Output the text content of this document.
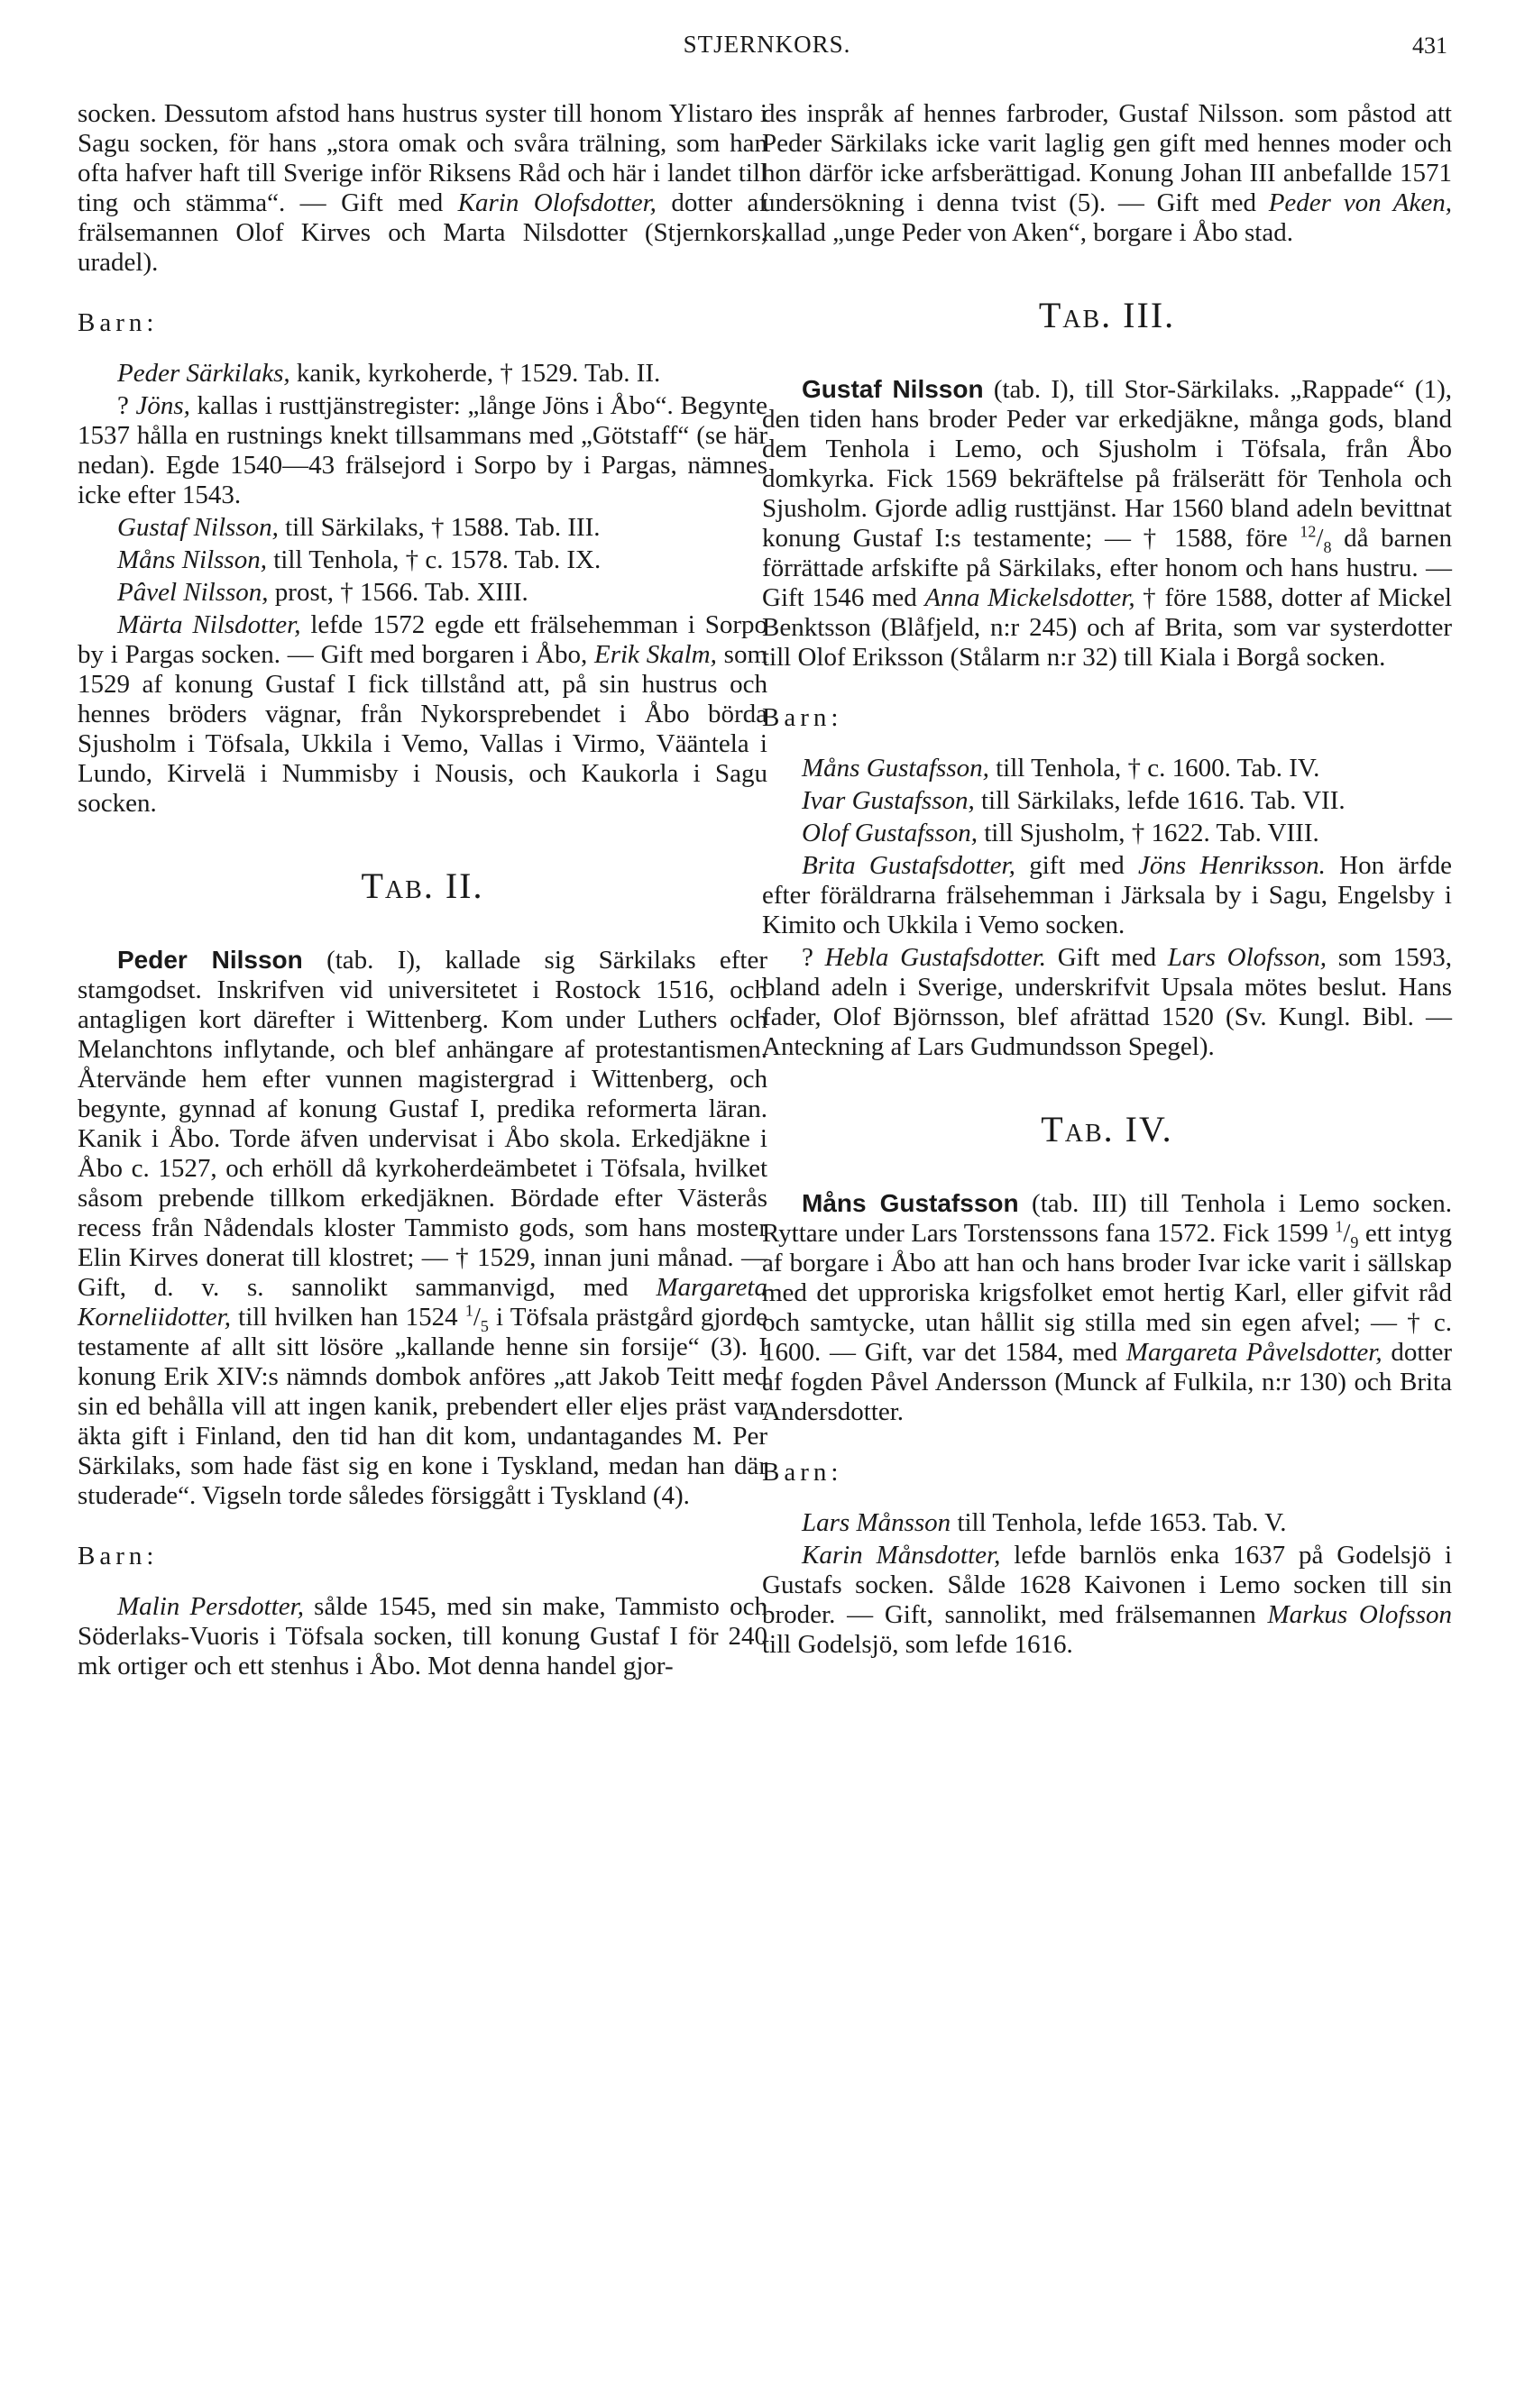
STJERNKORS.	431

socken. Dessutom afstod hans hustrus syster till honom Ylistaro i Sagu socken, för hans „stora omak och svåra trälning, som han ofta hafver haft till Sverige inför Riksens Råd och här i landet till ting och stämma“. — Gift med Karin Olofsdotter, dotter af frälsemannen Olof Kirves och Marta Nilsdotter (Stjernkors, uradel).

Barn:

Peder Särkilaks, kanik, kyrkoherde, † 1529. Tab. II.

? Jöns, kallas i rusttjänstregister: „långe Jöns i Åbo“. Begynte 1537 hålla en rustnings knekt tillsammans med „Götstaff“ (se här nedan). Egde 1540—43 frälsejord i Sorpo by i Pargas, nämnes icke efter 1543.

Gustaf Nilsson, till Särkilaks, † 1588. Tab. III.

Måns Nilsson, till Tenhola, † c. 1578. Tab. IX.

Pâvel Nilsson, prost, † 1566. Tab. XIII.

Märta Nilsdotter, lefde 1572 egde ett frälsehemman i Sorpo by i Pargas socken. — Gift med borgaren i Åbo, Erik Skalm, som 1529 af konung Gustaf I fick tillstånd att, på sin hustrus och hennes bröders vägnar, från Nykorsprebendet i Åbo börda Sjusholm i Töfsala, Ukkila i Vemo, Vallas i Virmo, Vääntela i Lundo, Kirvelä i Nummisby i Nousis, och Kaukorla i Sagu socken.

Tab. II.

Peder Nilsson (tab. I), kallade sig Särkilaks efter stamgodset. Inskrifven vid universitetet i Rostock 1516, och antagligen kort därefter i Wittenberg. Kom under Luthers och Melanchtons inflytande, och blef anhängare af protestantismen. Återvände hem efter vunnen magistergrad i Wittenberg, och begynte, gynnad af konung Gustaf I, predika reformerta läran. Kanik i Åbo. Torde äfven undervisat i Åbo skola. Erkedjäkne i Åbo c. 1527, och erhöll då kyrkoherdeämbetet i Töfsala, hvilket såsom prebende tillkom erkedjäknen. Bördade efter Västerås recess från Nådendals kloster Tammisto gods, som hans moster Elin Kirves donerat till klostret; — † 1529, innan juni månad. — Gift, d. v. s. sannolikt sammanvigd, med Margareta Korneliidotter, till hvilken han 1524 $^1/_5$ i Töfsala prästgård gjorde testamente af allt sitt lösöre „kallande henne sin forsije“ (3). I konung Erik XIV:s nämnds dombok anföres „att Jakob Teitt med sin ed behålla vill att ingen kanik, prebendert eller eljes präst var äkta gift i Finland, den tid han dit kom, undantagandes M. Per Särkilaks, som hade fäst sig en kone i Tyskland, medan han där studerade“. Vigseln torde således försiggått i Tyskland (4).

Barn:

Malin Persdotter, sålde 1545, med sin make, Tammisto och Söderlaks-Vuoris i Töfsala socken, till konung Gustaf I för 240 mk ortiger och ett stenhus i Åbo. Mot denna handel gjor-

des inspråk af hennes farbroder, Gustaf Nilsson. som påstod att Peder Särkilaks icke varit laglig gen gift med hennes moder och hon därför icke arfsberättigad. Konung Johan III anbefallde 1571 undersökning i denna tvist (5). — Gift med Peder von Aken, kallad „unge Peder von Aken“, borgare i Åbo stad.

Tab. III.

Gustaf Nilsson (tab. I), till Stor-Särkilaks. „Rappade“ (1), den tiden hans broder Peder var erkedjäkne, många gods, bland dem Tenhola i Lemo, och Sjusholm i Töfsala, från Åbo domkyrka. Fick 1569 bekräftelse på frälserätt för Tenhola och Sjusholm. Gjorde adlig rusttjänst. Har 1560 bland adeln bevittnat konung Gustaf I:s testamente; — † 1588, före $^{12}/_8$ då barnen förrättade arfskifte på Särkilaks, efter honom och hans hustru. — Gift 1546 med Anna Mickelsdotter, † före 1588, dotter af Mickel Benktsson (Blåfjeld, n:r 245) och af Brita, som var systerdotter till Olof Eriksson (Stålarm n:r 32) till Kiala i Borgå socken.

Barn:

Måns Gustafsson, till Tenhola, † c. 1600. Tab. IV.

Ivar Gustafsson, till Särkilaks, lefde 1616. Tab. VII.

Olof Gustafsson, till Sjusholm, † 1622. Tab. VIII.

Brita Gustafsdotter, gift med Jöns Henriksson. Hon ärfde efter föräldrarna frälsehemman i Järksala by i Sagu, Engelsby i Kimito och Ukkila i Vemo socken.

? Hebla Gustafsdotter. Gift med Lars Olofsson, som 1593, bland adeln i Sverige, underskrifvit Upsala mötes beslut. Hans fader, Olof Björnsson, blef afrättad 1520 (Sv. Kungl. Bibl. — Anteckning af Lars Gudmundsson Spegel).

Tab. IV.

Måns Gustafsson (tab. III) till Tenhola i Lemo socken. Ryttare under Lars Torstenssons fana 1572. Fick 1599 $^1/_9$ ett intyg af borgare i Åbo att han och hans broder Ivar icke varit i sällskap med det upproriska krigsfolket emot hertig Karl, eller gifvit råd och samtycke, utan hållit sig stilla med sin egen afvel; — † c. 1600. — Gift, var det 1584, med Margareta Påvelsdotter, dotter af fogden Påvel Andersson (Munck af Fulkila, n:r 130) och Brita Andersdotter.

Barn:

Lars Månsson till Tenhola, lefde 1653. Tab. V.

Karin Månsdotter, lefde barnlös enka 1637 på Godelsjö i Gustafs socken. Sålde 1628 Kaivonen i Lemo socken till sin broder. — Gift, sannolikt, med frälsemannen Markus Olofsson till Godelsjö, som lefde 1616.
